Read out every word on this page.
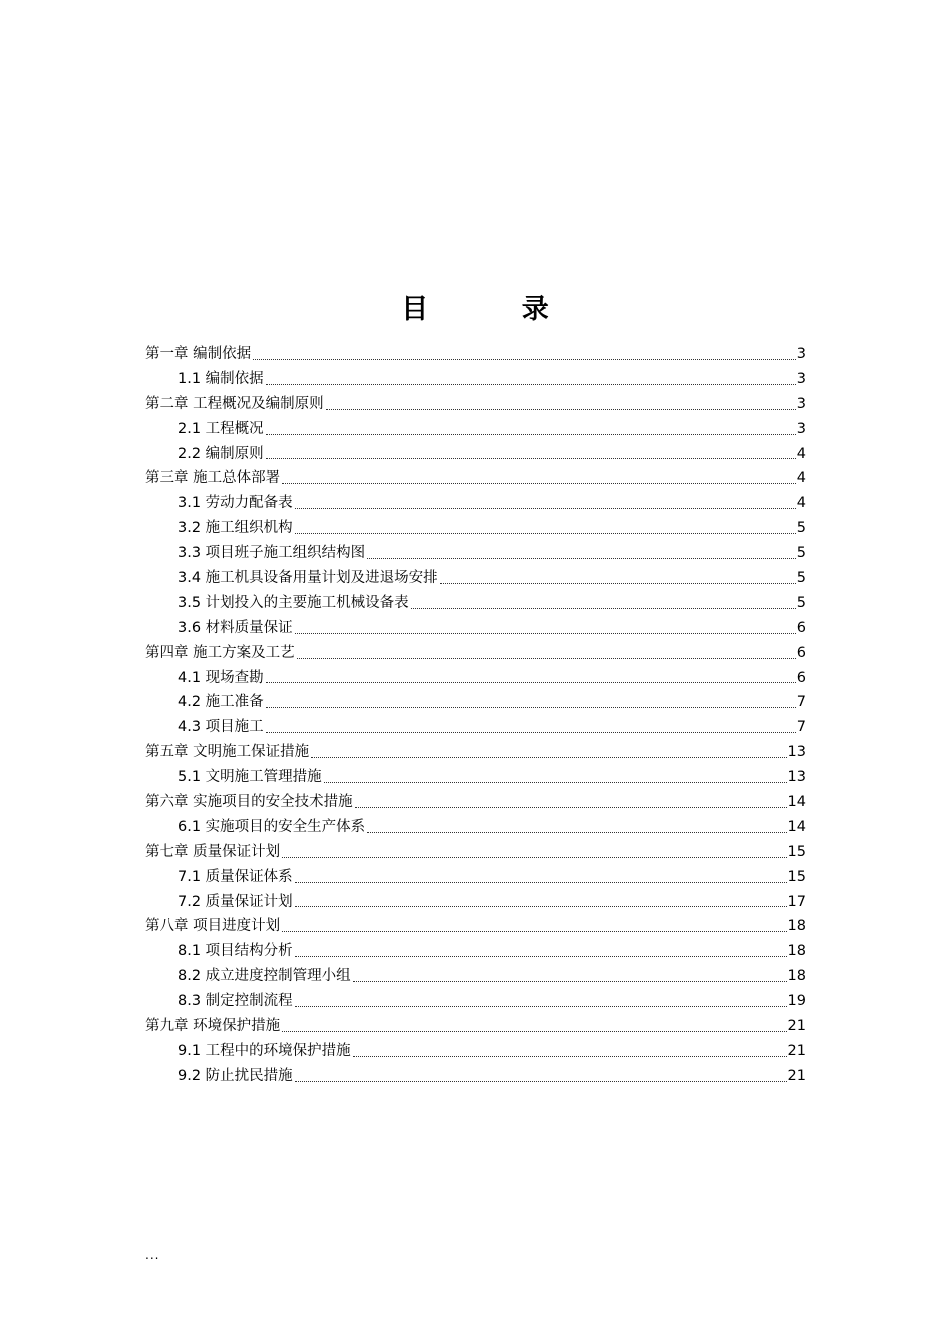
目 录
第一章 编制依据	3
1.1 编制依据	3
第二章 工程概况及编制原则	3
2.1 工程概况	3
2.2 编制原则	4
第三章 施工总体部署	4
3.1 劳动力配备表	4
3.2 施工组织机构	5
3.3 项目班子施工组织结构图	5
3.4 施工机具设备用量计划及进退场安排	5
3.5 计划投入的主要施工机械设备表	5
3.6 材料质量保证	6
第四章 施工方案及工艺	6
4.1 现场查勘	6
4.2 施工准备	7
4.3 项目施工	7
第五章 文明施工保证措施	13
5.1 文明施工管理措施	13
第六章 实施项目的安全技术措施	14
6.1 实施项目的安全生产体系	14
第七章 质量保证计划	15
7.1 质量保证体系	15
7.2 质量保证计划	17
第八章 项目进度计划	18
8.1 项目结构分析	18
8.2 成立进度控制管理小组	18
8.3 制定控制流程	19
第九章 环境保护措施	21
9.1 工程中的环境保护措施	21
9.2 防止扰民措施	21
...
